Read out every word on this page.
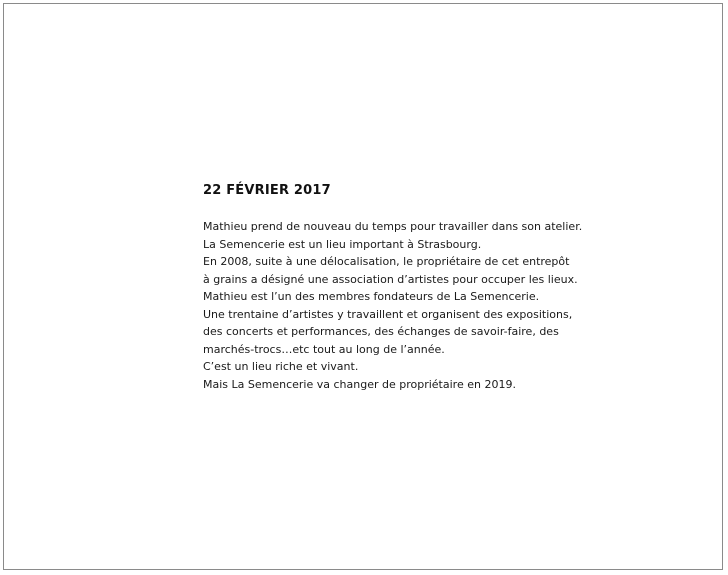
22 FÉVRIER 2017
Mathieu prend de nouveau du temps pour travailler dans son atelier.
La Semencerie est un lieu important à Strasbourg.
En 2008, suite à une délocalisation, le propriétaire de cet entrepôt
à grains a désigné une association d’artistes pour occuper les lieux.
Mathieu est l’un des membres fondateurs de La Semencerie.
Une trentaine d’artistes y travaillent et organisent des expositions,
des concerts et performances, des échanges de savoir-faire, des
marchés-trocs…etc tout au long de l’année.
C’est un lieu riche et vivant.
Mais La Semencerie va changer de propriétaire en 2019.
